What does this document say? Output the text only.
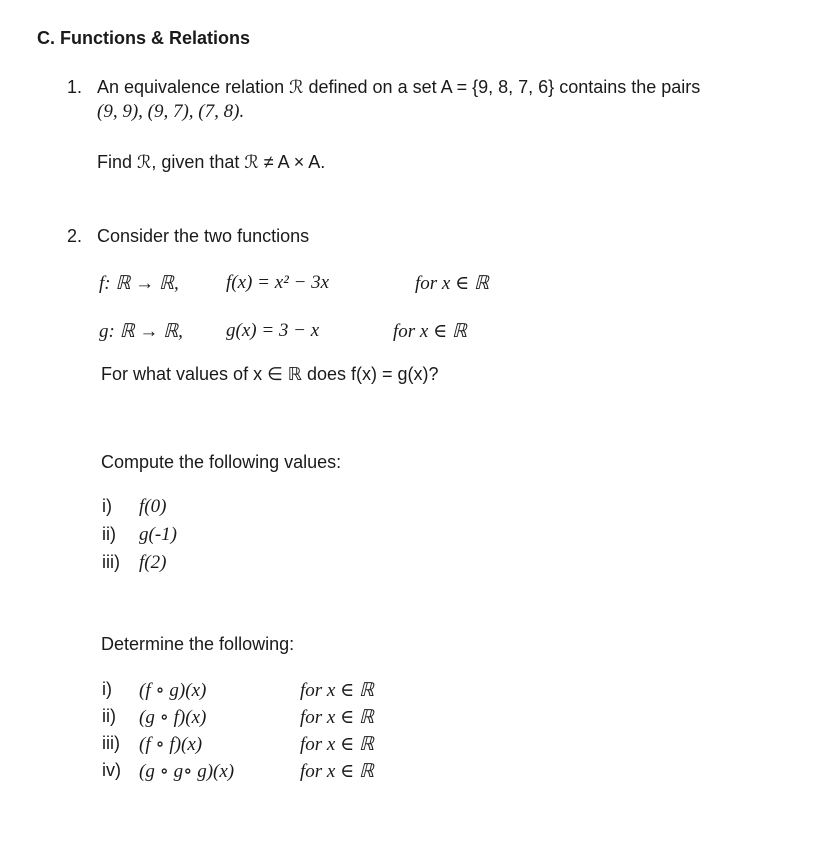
C. Functions & Relations
1. An equivalence relation ℛ defined on a set A = {9, 8, 7, 6} contains the pairs
(9, 9), (9, 7), (7, 8).
Find ℛ, given that ℛ ≠ A × A.
2. Consider the two functions
f: ℝ → ℝ, f(x) = x² − 3x	for x ∈ ℝ
g: ℝ → ℝ, g(x) = 3 − x	for x ∈ ℝ
For what values of x ∈ ℝ does f(x) = g(x)?
Compute the following values:
i) f(0)
ii) g(-1)
iii) f(2)
Determine the following:
i) (f ∘ g)(x)	for x ∈ ℝ
ii) (g ∘ f)(x)	for x ∈ ℝ
iii) (f ∘ f)(x)	for x ∈ ℝ
iv) (g ∘ g∘ g)(x)	for x ∈ ℝ
